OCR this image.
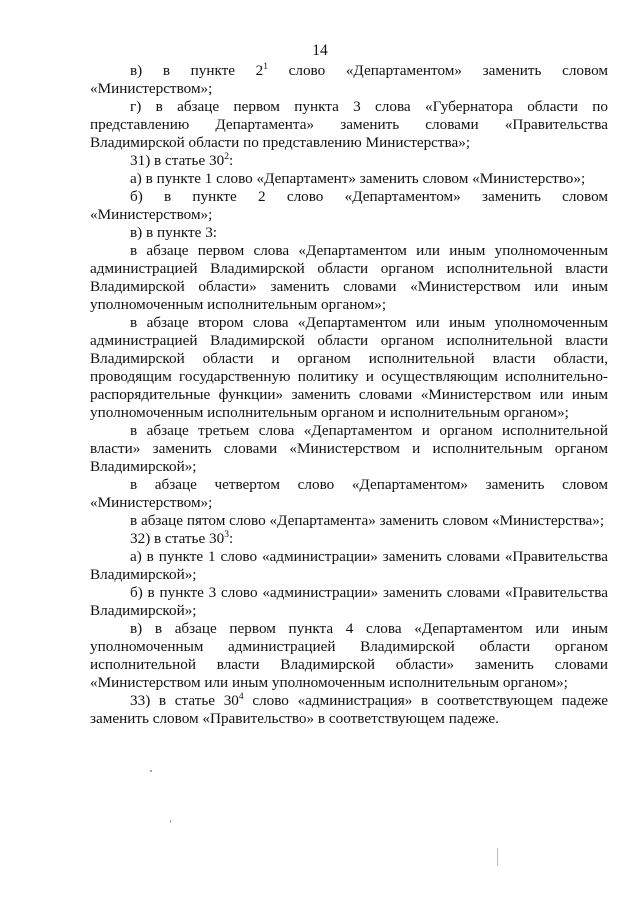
14

в) в пункте $2^1$ слово «Департаментом» заменить словом «Министерством»;

г) в абзаце первом пункта 3 слова «Губернатора области по представлению Департамента» заменить словами «Правительства Владимирской области по представлению Министерства»;

31) в статье $30^2$:

а) в пункте 1 слово «Департамент» заменить словом «Министерство»;

б) в пункте 2 слово «Департаментом» заменить словом «Министерством»;

в) в пункте 3:

в абзаце первом слова «Департаментом или иным уполномоченным администрацией Владимирской области органом исполнительной власти Владимирской области» заменить словами «Министерством или иным уполномоченным исполнительным органом»;

в абзаце втором слова «Департаментом или иным уполномоченным администрацией Владимирской области органом исполнительной власти Владимирской области и органом исполнительной власти области, проводящим государственную политику и осуществляющим исполнительно-распорядительные функции» заменить словами «Министерством или иным уполномоченным исполнительным органом и исполнительным органом»;

в абзаце третьем слова «Департаментом и органом исполнительной власти» заменить словами «Министерством и исполнительным органом Владимирской»;

в абзаце четвертом слово «Департаментом» заменить словом «Министерством»;

в абзаце пятом слово «Департамента» заменить словом «Министерства»;

32) в статье $30^3$:

а) в пункте 1 слово «администрации» заменить словами «Правительства Владимирской»;

б) в пункте 3 слово «администрации» заменить словами «Правительства Владимирской»;

в) в абзаце первом пункта 4 слова «Департаментом или иным уполномоченным администрацией Владимирской области органом исполнительной власти Владимирской области» заменить словами «Министерством или иным уполномоченным исполнительным органом»;

33) в статье $30^4$ слово «администрация» в соответствующем падеже заменить словом «Правительство» в соответствующем падеже.
